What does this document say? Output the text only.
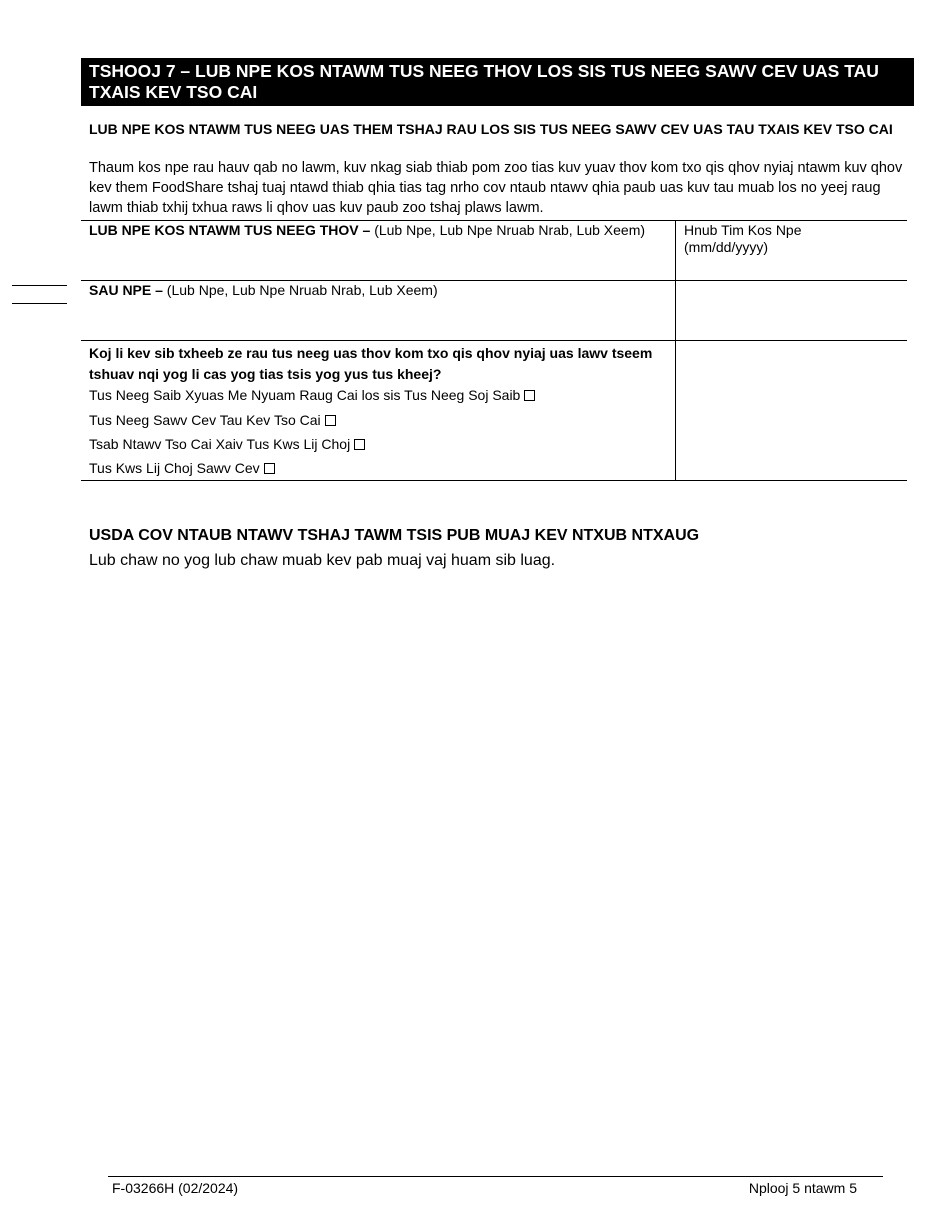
TSHOOJ 7 – LUB NPE KOS NTAWM TUS NEEG THOV LOS SIS TUS NEEG SAWV CEV UAS TAU TXAIS KEV TSO CAI
LUB NPE KOS NTAWM TUS NEEG UAS THEM TSHAJ RAU LOS SIS TUS NEEG SAWV CEV UAS TAU TXAIS KEV TSO CAI
Thaum kos npe rau hauv qab no lawm, kuv nkag siab thiab pom zoo tias kuv yuav thov kom txo qis qhov nyiaj ntawm kuv qhov kev them FoodShare tshaj tuaj ntawd thiab qhia tias tag nrho cov ntaub ntawv qhia paub uas kuv tau muab los no yeej raug lawm thiab txhij txhua raws li qhov uas kuv paub zoo tshaj plaws lawm.
LUB NPE KOS NTAWM TUS NEEG THOV – (Lub Npe, Lub Npe Nruab Nrab, Lub Xeem)	Hnub Tim Kos Npe (mm/dd/yyyy)
SAU NPE – (Lub Npe, Lub Npe Nruab Nrab, Lub Xeem)
Koj li kev sib txheeb ze rau tus neeg uas thov kom txo qis qhov nyiaj uas lawv tseem tshuav nqi yog li cas yog tias tsis yog yus tus kheej?
Tus Neeg Saib Xyuas Me Nyuam Raug Cai los sis Tus Neeg Soj Saib
Tus Neeg Sawv Cev Tau Kev Tso Cai
Tsab Ntawv Tso Cai Xaiv Tus Kws Lij Choj
Tus Kws Lij Choj Sawv Cev
USDA COV NTAUB NTAWV TSHAJ TAWM TSIS PUB MUAJ KEV NTXUB NTXAUG
Lub chaw no yog lub chaw muab kev pab muaj vaj huam sib luag.
F-03266H (02/2024)	Nplooj 5 ntawm 5
